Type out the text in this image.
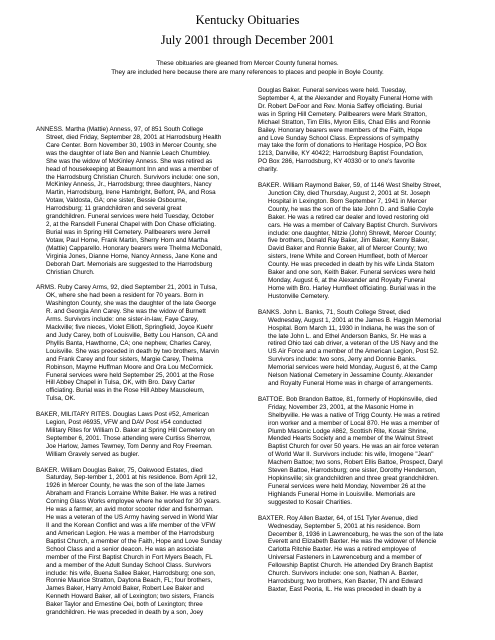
Kentucky Obituaries
July 2001 through December 2001
These obituaries are gleaned from Mercer County funeral homes.
They are included here because there are many references to places and people in Boyle County.
ANNESS. Martha (Mattie) Anness, 97, of 851 South College
Street, died Friday, September 28, 2001 at Harrodsburg Health
Care Center. Born November 30, 1903 in Mercer County, she
was the daughter of late Ben and Nannie Leach Chumbley.
She was the widow of McKinley Anness. She was retired as
head of housekeeping at Beaumont Inn and was a member of
the Harrodsburg Christian Church. Survivors include: one son,
McKinley Anness, Jr., Harrodsburg; three daughters, Nancy
Martin, Harrodsburg, Irene Hambright, Belfont, PA, and Rosa
Votaw, Valdosta, GA; one sister, Bessie Osbourne,
Harrodsburg; 11 grandchildren and several great
grandchildren. Funeral services were held Tuesday, October
2, at the Ransdell Funeral Chapel with Don Chase officiating.
Burial was in Spring Hill Cemetery. Pallbearers were Jerrell
Votaw, Paul Horne, Frank Martin, Sherry Horn and Martha
(Mattie) Capparello. Honorary bearers were Thelma McDonald,
Virginia Jones, Dianne Horne, Nancy Anness, Jane Kone and
Deborah Dart. Memorials are suggested to the Harrodsburg
Christian Church.
ARMS. Ruby Carey Arms, 92, died September 21, 2001 in Tulsa,
OK, where she had been a resident for 70 years. Born in
Washington County, she was the daughter of the late George
R. and Georgia Ann Carey. She was the widow of Burnett
Arms. Survivors include: one sister-in-law, Faye Carey,
Mackville; five nieces, Violet Elliott, Springfield, Joyce Kuehr
and Judy Carey, both of Louisville, Betty Lou Hanson, CA and
Phyllis Banta, Hawthorne, CA; one nephew, Charles Carey,
Louisville. She was preceded in death by two brothers, Marvin
and Frank Carey and four sisters, Margie Carey, Thelma
Robinson, Mayme Huffman Moore and Ora Lou McCormick.
Funeral services were held September 25, 2001 at the Rose
Hill Abbey Chapel in Tulsa, OK, with Bro. Davy Carter
officiating. Burial was in the Rose Hill Abbey Mausoleum,
Tulsa, OK.
BAKER, MILITARY RITES. Douglas Laws Post #52, American
Legion, Post #6935, VFW and DAV Post #54 conducted
Military Rites for William D. Baker at Spring Hill Cemetery on
September 6, 2001. Those attending were Curtiss Sherrow,
Joe Harlow, James Tewmey, Tom Denny and Roy Freeman.
William Gravely served as bugler.
BAKER. William Douglas Baker, 75, Oakwood Estates, died
Saturday, Sep-tember 1, 2001 at his residence. Born April 12,
1926 in Mercer County, he was the son of the late James
Abraham and Francis Lorraine White Baker. He was a retired
Corning Glass Works employee where he worked for 30 years.
He was a farmer, an avid motor scooter rider and fisherman.
He was a veteran of the US Army having served in World War
II and the Korean Conflict and was a life member of the VFW
and American Legion. He was a member of the Harrodsburg
Baptist Church, a member of the Faith, Hope and Love Sunday
School Class and a senior deacon. He was an associate
member of the First Baptist Church in Fort Myers Beach, FL
and a member of the Adult Sunday School Class. Survivors
include: his wife, Buena Sallee Baker, Harrodsburg; one son,
Ronnie Maurice Stratton, Daytona Beach, FL; four brothers,
James Baker, Harry Arnold Baker, Robert Lee Baker and
Kenneth Howard Baker, all of Lexington; two sisters, Francis
Baker Taylor and Ernestine Oei, both of Lexington; three
grandchildren. He was preceded in death by a son, Joey
Douglas Baker. Funeral services were held. Tuesday,
September 4, at the Alexander and Royalty Funeral Home with
Dr. Robert DeFoor and Rev. Monia Saffey officiating. Burial
was in Spring Hill Cemetery. Pallbearers were Mark Stratton,
Michael Stratton, Tim Ellis, Myron Ellis, Chad Ellis and Ronnie
Bailey. Honorary bearers were members of the Faith, Hope
and Love Sunday School Class. Expressions of sympathy
may take the form of donations to Heritage Hospice, PO Box
1213, Danville, KY 40422; Harrodsburg Baptist Foundation,
PO Box 286, Harrodsburg, KY 40330 or to one's favorite
charity.
BAKER. William Raymond Baker, 59, of 1146 West Shelby Street,
Junction City, died Thursday, August 2, 2001 at St. Joseph
Hospital in Lexington. Born September 7, 1941 in Mercer
County, he was the son of the late John D. and Sallie Coyle
Baker. He was a retired car dealer and loved restoring old
cars. He was a member of Calvary Baptist Church. Survivors
include: one daughter, Nitzie (John) Shrewit, Mercer County;
five brothers, Donald Ray Baker, Jim Baker, Kenny Baker,
David Baker and Ronnie Baker, all of Mercer County; two
sisters, Irene White and Coreen Humfleet, both of Mercer
County. He was preceded in death by his wife Linda Statom
Baker and one son, Keith Baker. Funeral services were held
Monday, August 6, at the Alexander and Royalty Funeral
Home with Bro. Harley Humfleet officiating. Burial was in the
Hustonville Cemetery.
BANKS. John L. Banks, 71, South College Street, died
Wednesday, August 1, 2001 at the James B. Haggin Memorial
Hospital. Born March 11, 1930 in Indiana, he was the son of
the late John L. and Ethel Anderson Banks, Sr. He was a
retired Ohio taxi cab driver, a veteran of the US Navy and the
US Air Force and a member of the American Legion, Post 52.
Survivors include: two sons, Jerry and Donnie Banks.
Memorial services were held Monday, August 6, at the Camp
Nelson National Cemetery in Jessamine County. Alexander
and Royalty Funeral Home was in charge of arrangements.
BATTOE. Bob Brandon Battoe, 81, formerly of Hopkinsville, died
Friday, November 23, 2001, at the Masonic Home in
Shelbyville. He was a native of Trigg County. He was a retired
iron worker and a member of Local 870. He was a member of
Plumb Masonic Lodge #862, Scottish Rite, Kosair Shrine,
Mended Hearts Society and a member of the Walnut Street
Baptist Church for over 50 years. He was an air force veteran
of World War II. Survivors include: his wife, Imogene "Jean"
Machem Battoe; two sons, Robert Ellis Battoe, Prospect, Daryl
Steven Battoe, Harrodsburg; one sister, Dorothy Henderson,
Hopkinsville; six grandchildren and three great grandchildren.
Funeral services were held Monday, November 26 at the
Highlands Funeral Home in Louisville. Memorials are
suggested to Kosair Charities.
BAXTER. Roy Allen Baxter, 64, of 151 Tyler Avenue, died
Wednesday, September 5, 2001 at his residence. Born
December 8, 1936 in Lawrenceburg, he was the son of the late
Everett and Elizabeth Baxter. He was the widower of Mencie
Carlotta Ritchie Baxter. He was a retired employee of
Universal Fasteners in Lawrenceburg and a member of
Fellowship Baptist Church. He attended Dry Branch Baptist
Church. Survivors include: one son, Nathan A. Baxter,
Harrodsburg; two brothers, Ken Baxter, TN and Edward
Baxter, East Peoria, IL. He was preceded in death by a
